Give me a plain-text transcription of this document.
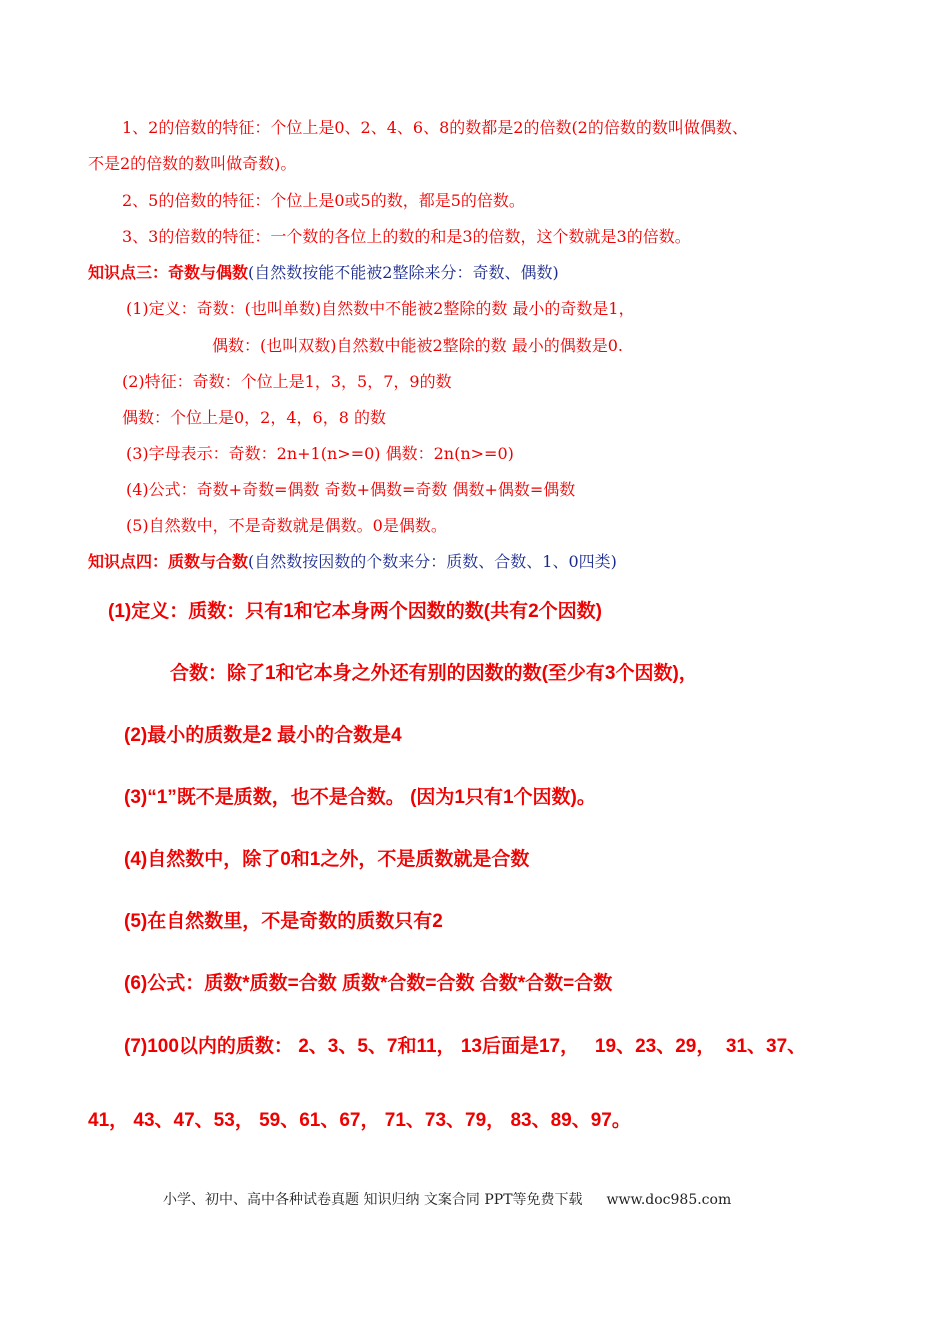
1、2的倍数的特征：个位上是0、2、4、6、8的数都是2的倍数(2的倍数的数叫做偶数、
不是2的倍数的数叫做奇数)。
2、5的倍数的特征：个位上是0或5的数，都是5的倍数。
3、3的倍数的特征：一个数的各位上的数的和是3的倍数，这个数就是3的倍数。
知识点三：奇数与偶数(自然数按能不能被2整除来分：奇数、偶数)
(1)定义：奇数：(也叫单数)自然数中不能被2整除的数 最小的奇数是1，
偶数：(也叫双数)自然数中能被2整除的数 最小的偶数是0.
(2)特征：奇数：个位上是1，3，5，7，9的数
偶数：个位上是0，2，4，6，8 的数
(3)字母表示：奇数：2n+1(n>=0) 偶数：2n(n>=0)
(4)公式：奇数+奇数=偶数 奇数+偶数=奇数 偶数+偶数=偶数
(5)自然数中，不是奇数就是偶数。0是偶数。
知识点四：质数与合数(自然数按因数的个数来分：质数、合数、1、0四类)
(1)定义：质数：只有1和它本身两个因数的数(共有2个因数)
合数：除了1和它本身之外还有别的因数的数(至少有3个因数)，
(2)最小的质数是2 最小的合数是4
(3)“1”既不是质数，也不是合数。 (因为1只有1个因数)。
(4)自然数中，除了0和1之外，不是质数就是合数
(5)在自然数里，不是奇数的质数只有2
(6)公式：质数*质数=合数 质数*合数=合数 合数*合数=合数
(7)100以内的质数： 2、3、5、7和11， 13后面是17，   19、23、29，  31、37、
41， 43、47、53， 59、61、67， 71、73、79， 83、89、97。
小学、初中、高中各种试卷真题 知识归纳 文案合同 PPT等免费下载 www.doc985.com
